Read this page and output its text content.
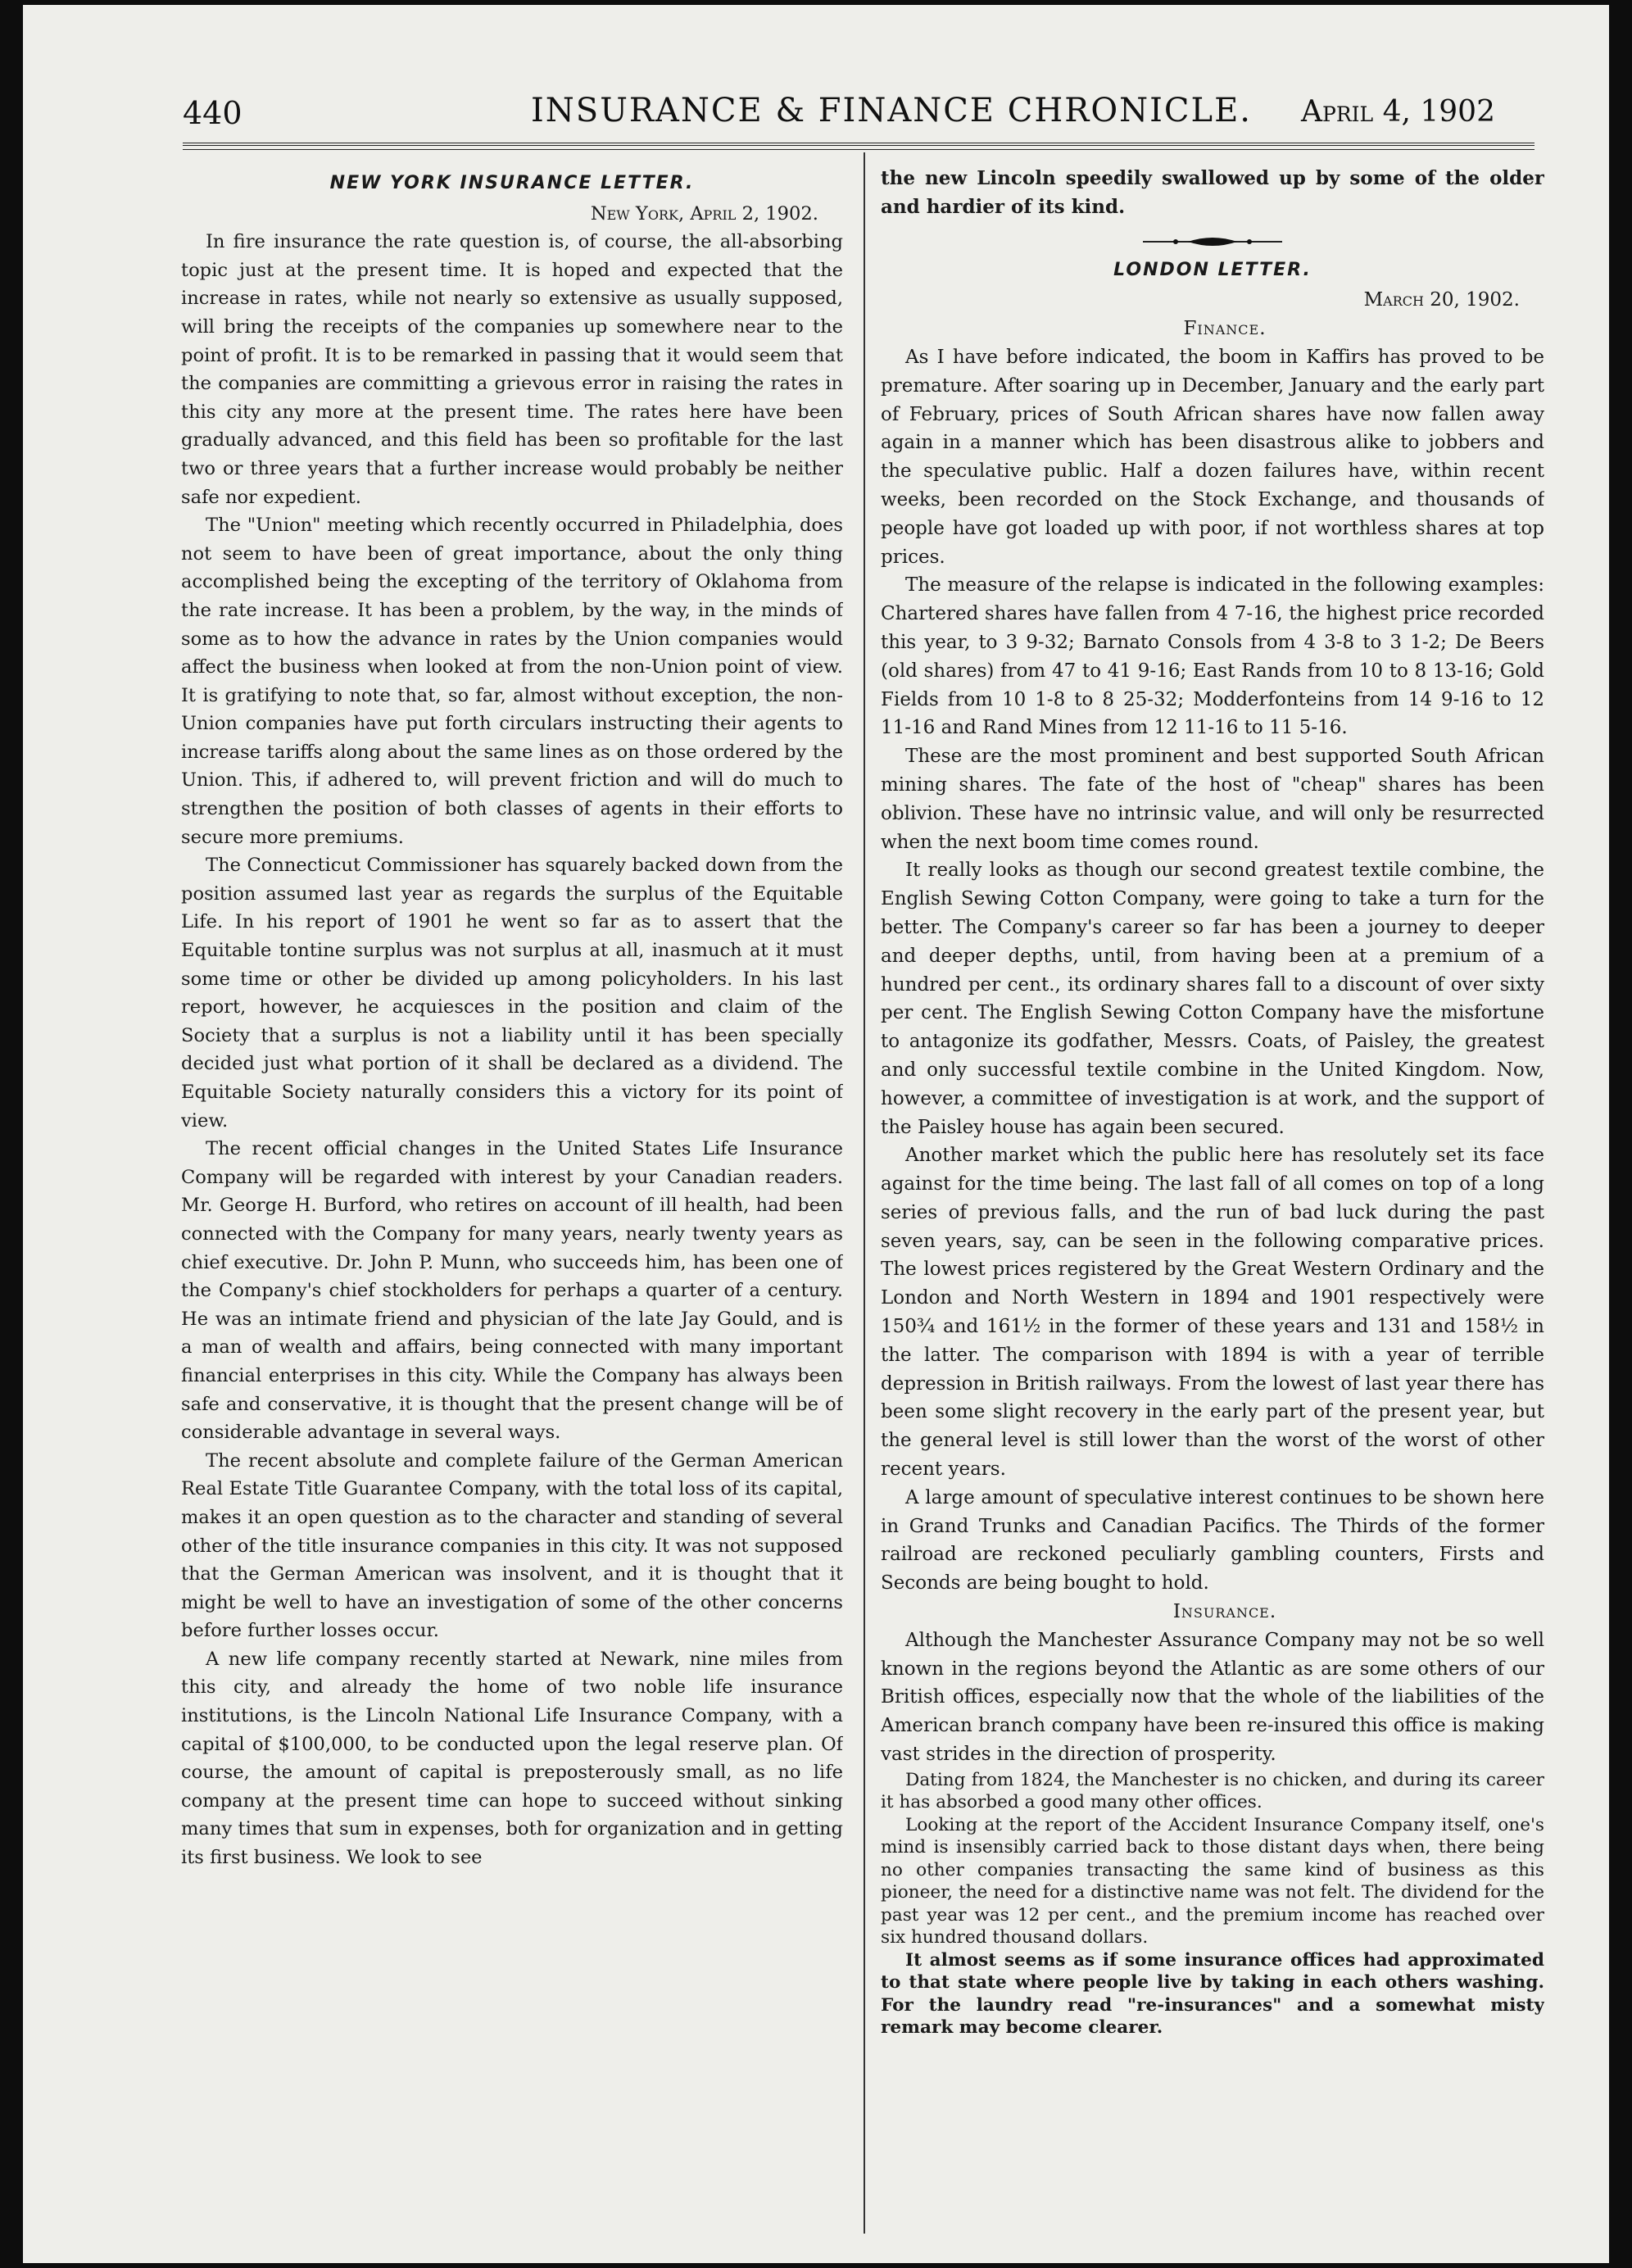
440	INSURANCE & FINANCE CHRONICLE. April 4, 1902
NEW YORK INSURANCE LETTER.

New York, April 2, 1902.

In fire insurance the rate question is, of course, the all-absorbing topic just at the present time. It is hoped and expected that the increase in rates, while not nearly so extensive as usually supposed, will bring the receipts of the companies up somewhere near to the point of profit. It is to be remarked in passing that it would seem that the companies are committing a grievous error in raising the rates in this city any more at the present time. The rates here have been gradually advanced, and this field has been so profitable for the last two or three years that a further increase would probably be neither safe nor expedient.

The "Union" meeting which recently occurred in Philadelphia, does not seem to have been of great importance, about the only thing accomplished being the excepting of the territory of Oklahoma from the rate increase. It has been a problem, by the way, in the minds of some as to how the advance in rates by the Union companies would affect the business when looked at from the non-Union point of view. It is gratifying to note that, so far, almost without exception, the non-Union companies have put forth circulars instructing their agents to increase tariffs along about the same lines as on those ordered by the Union. This, if adhered to, will prevent friction and will do much to strengthen the position of both classes of agents in their efforts to secure more premiums.

The Connecticut Commissioner has squarely backed down from the position assumed last year as regards the surplus of the Equitable Life. In his report of 1901 he went so far as to assert that the Equitable tontine surplus was not surplus at all, inasmuch at it must some time or other be divided up among policyholders. In his last report, however, he acquiesces in the position and claim of the Society that a surplus is not a liability until it has been specially decided just what portion of it shall be declared as a dividend. The Equitable Society naturally considers this a victory for its point of view.

The recent official changes in the United States Life Insurance Company will be regarded with interest by your Canadian readers. Mr. George H. Burford, who retires on account of ill health, had been connected with the Company for many years, nearly twenty years as chief executive. Dr. John P. Munn, who succeeds him, has been one of the Company's chief stockholders for perhaps a quarter of a century. He was an intimate friend and physician of the late Jay Gould, and is a man of wealth and affairs, being connected with many important financial enterprises in this city. While the Company has always been safe and conservative, it is thought that the present change will be of considerable advantage in several ways.

The recent absolute and complete failure of the German American Real Estate Title Guarantee Company, with the total loss of its capital, makes it an open question as to the character and standing of several other of the title insurance companies in this city. It was not supposed that the German American was insolvent, and it is thought that it might be well to have an investigation of some of the other concerns before further losses occur.

A new life company recently started at Newark, nine miles from this city, and already the home of two noble life insurance institutions, is the Lincoln National Life Insurance Company, with a capital of $100,000, to be conducted upon the legal reserve plan. Of course, the amount of capital is preposterously small, as no life company at the present time can hope to succeed without sinking many times that sum in expenses, both for organization and in getting its first business. We look to see

the new Lincoln speedily swallowed up by some of the older and hardier of its kind.

LONDON LETTER.

March 20, 1902.

Finance.

As I have before indicated, the boom in Kaffirs has proved to be premature. After soaring up in December, January and the early part of February, prices of South African shares have now fallen away again in a manner which has been disastrous alike to jobbers and the speculative public. Half a dozen failures have, within recent weeks, been recorded on the Stock Exchange, and thousands of people have got loaded up with poor, if not worthless shares at top prices.

The measure of the relapse is indicated in the following examples: Chartered shares have fallen from 4 7-16, the highest price recorded this year, to 3 9-32; Barnato Consols from 4 3-8 to 3 1-2; De Beers (old shares) from 47 to 41 9-16; East Rands from 10 to 8 13-16; Gold Fields from 10 1-8 to 8 25-32; Modderfonteins from 14 9-16 to 12 11-16 and Rand Mines from 12 11-16 to 11 5-16.

These are the most prominent and best supported South African mining shares. The fate of the host of "cheap" shares has been oblivion. These have no intrinsic value, and will only be resurrected when the next boom time comes round.

It really looks as though our second greatest textile combine, the English Sewing Cotton Company, were going to take a turn for the better. The Company's career so far has been a journey to deeper and deeper depths, until, from having been at a premium of a hundred per cent., its ordinary shares fall to a discount of over sixty per cent. The English Sewing Cotton Company have the misfortune to antagonize its godfather, Messrs. Coats, of Paisley, the greatest and only successful textile combine in the United Kingdom. Now, however, a committee of investigation is at work, and the support of the Paisley house has again been secured.

Another market which the public here has resolutely set its face against for the time being. The last fall of all comes on top of a long series of previous falls, and the run of bad luck during the past seven years, say, can be seen in the following comparative prices. The lowest prices registered by the Great Western Ordinary and the London and North Western in 1894 and 1901 respectively were 150¾ and 161½ in the former of these years and 131 and 158½ in the latter. The comparison with 1894 is with a year of terrible depression in British railways. From the lowest of last year there has been some slight recovery in the early part of the present year, but the general level is still lower than the worst of the worst of other recent years.

A large amount of speculative interest continues to be shown here in Grand Trunks and Canadian Pacifics. The Thirds of the former railroad are reckoned peculiarly gambling counters, Firsts and Seconds are being bought to hold.

Insurance.

Although the Manchester Assurance Company may not be so well known in the regions beyond the Atlantic as are some others of our British offices, especially now that the whole of the liabilities of the American branch company have been re-insured this office is making vast strides in the direction of prosperity.

Dating from 1824, the Manchester is no chicken, and during its career it has absorbed a good many other offices.

Looking at the report of the Accident Insurance Company itself, one's mind is insensibly carried back to those distant days when, there being no other companies transacting the same kind of business as this pioneer, the need for a distinctive name was not felt. The dividend for the past year was 12 per cent., and the premium income has reached over six hundred thousand dollars.

It almost seems as if some insurance offices had approximated to that state where people live by taking in each others washing. For the laundry read "re-insurances" and a somewhat misty remark may become clearer.
